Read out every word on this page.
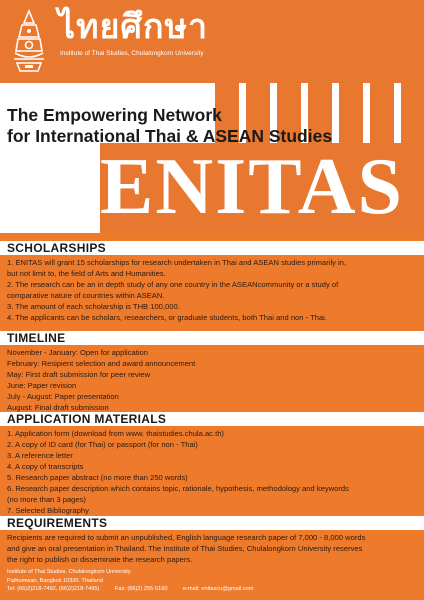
ไทยศึกษา
Institute of Thai Studies, Chulalongkorn University
The Empowering Network
for International Thai & ASEAN Studies
ENITAS
SCHOLARSHIPS
1. ENITAS will grant 15 scholarships for research undertaken in Thai and ASEAN studies primarily in,
but not limit to, the field of Arts and Humanities.
2. The research can be an in depth study of any one country in the ASEANcommunity or a study of
comparative nature of countries within ASEAN.
3. The amount of each scholarship is THB 100,000.
4. The applicants can be scholars, researchers, or graduate students, both Thai and non - Thai.
TIMELINE
November - January: Open for application
February: Resipient selection and award announcement
May: First draft submission for peer review
June: Paper revision
July - August: Paper presentation
August: Final draft submission
APPLICATION MATERIALS
1. Application form (download from www. thaistudies.chula.ac.th)
2. A copy of ID card (for Thai) or passport (for non - Thai)
3. A reference letter
4. A copy of transcripts
5. Research paper abstract (no more than 250 words)
6. Research paper description which contains topic, rationale, hypothesis, methodology and keywords
(no more than 3 pages)
7. Selected Bibliography
REQUIREMENTS
Recipients are required to submit an unpublished, English language research paper of 7,000 - 8,000 words
and give an oral presentation in Thailand. The Institute of Thai Studies, Chulalongkorn University reserves
the right to publish or disseminate the research papers.
Institute of Thai Studies, Chulalongkorn University
Pathumwan, Bangkok 10330. Thailand
Tel: (66)2)218-7492, (66)2)218-7495)	Fax: (66)2) 255-5160	e-mail: enitascu@gmail.com
